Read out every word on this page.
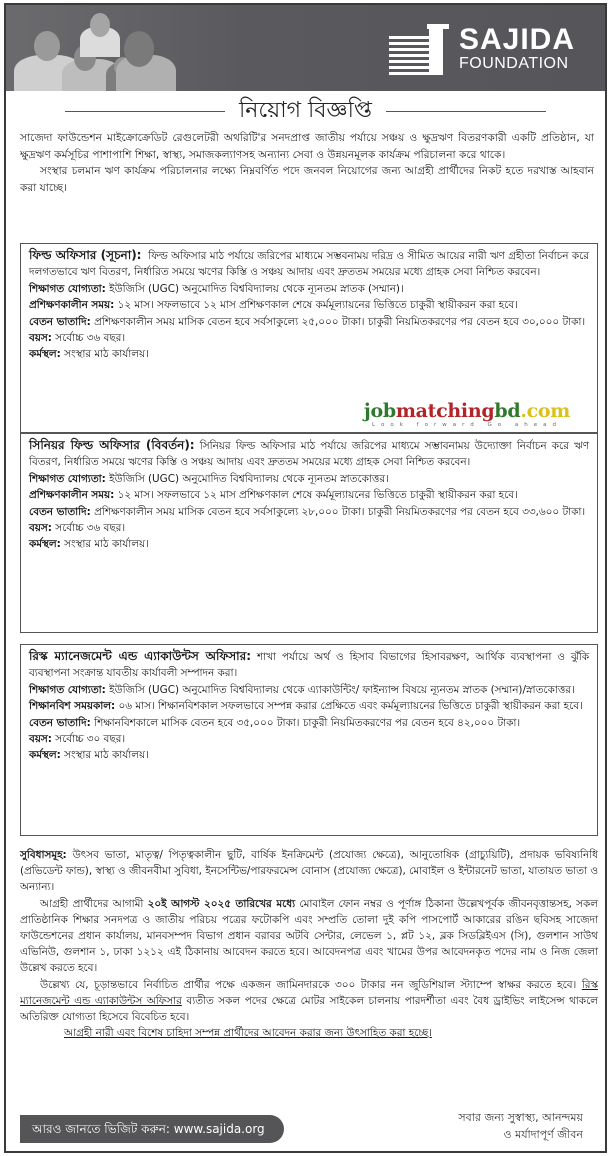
SAJIDA
FOUNDATION
নিয়োগ বিজ্ঞপ্তি

সাজেদা ফাউন্ডেশন মাইক্রোক্রেডিট রেগুলেটরী অথরিটি'র সনদপ্রাপ্ত জাতীয় পর্যায়ে সঞ্চয় ও ক্ষুদ্রঋণ বিতরণকারী একটি প্রতিষ্ঠান, যা ক্ষুদ্রঋণ কর্মসূচির পাশাপাশি শিক্ষা, স্বাস্থ্য, সমাজকল্যাণসহ অন্যান্য সেবা ও উন্নয়নমূলক কার্যক্রম পরিচালনা করে থাকে।

সংস্থার চলমান ঋণ কার্যক্রম পরিচালনার লক্ষ্যে নিম্নবর্ণিত পদে জনবল নিয়োগের জন্য আগ্রহী প্রার্থীদের নিকট হতে দরখাস্ত আহবান করা যাচ্ছে।

ফিল্ড অফিসার (সূচনা): ফিল্ড অফিসার মাঠ পর্যায়ে জরিপের মাধ্যমে সম্ভবনাময় দরিদ্র ও সীমিত আয়ের নারী ঋণ গ্রহীতা নির্বাচন করে দলগতভাবে ঋণ বিতরণ, নির্ধারিত সময়ে ঋণের কিস্তি ও সঞ্চয় আদায় এবং দ্রুততম সময়ের মধ্যে গ্রাহক সেবা নিশ্চিত করবেন।
শিক্ষাগত যোগ্যতা: ইউজিসি (UGC) অনুমোদিত বিশ্ববিদ্যালয় থেকে ন্যূনতম স্নাতক (সম্মান)।
প্রশিক্ষণকালীন সময়: ১২ মাস। সফলভাবে ১২ মাস প্রশিক্ষণকাল শেষে কর্মমূল্যায়নের ভিত্তিতে চাকুরী স্থায়ীকরন করা হবে।
বেতন ভাতাদি: প্রশিক্ষণকালীন সময় মাসিক বেতন হবে সর্বসাকুল্যে ২৫,০০০ টাকা। চাকুরী নিয়মিতকরণের পর বেতন হবে ৩০,০০০ টাকা।
বয়স: সর্বোচ্চ ৩৬ বছর।
কর্মস্থল: সংস্থার মাঠ কার্যালয়।
jobmatchingbd.com
Look forward Go ahead
সিনিয়র ফিল্ড অফিসার (বিবর্তন): সিনিয়র ফিল্ড অফিসার মাঠ পর্যায়ে জরিপের মাধ্যমে সম্ভাবনাময় উদ্যোক্তা নির্বাচন করে ঋণ বিতরণ, নির্ধারিত সময়ে ঋণের কিস্তি ও সঞ্চয় আদায় এবং দ্রুততম সময়ের মধ্যে গ্রাহক সেবা নিশ্চিত করবেন।
শিক্ষাগত যোগ্যতা: ইউজিসি (UGC) অনুমোদিত বিশ্ববিদ্যালয় থেকে ন্যূনতম স্নাতকোত্তর।
প্রশিক্ষণকালীন সময়: ১২ মাস। সফলভাবে ১২ মাস প্রশিক্ষণকাল শেষে কর্মমূল্যায়নের ভিত্তিতে চাকুরী স্থায়ীকরন করা হবে।
বেতন ভাতাদি: প্রশিক্ষণকালীন সময় মাসিক বেতন হবে সর্বসাকুল্যে ২৮,০০০ টাকা। চাকুরী নিয়মিতকরণের পর বেতন হবে ৩৩,৬০০ টাকা।
বয়স: সর্বোচ্চ ৩৬ বছর।
কর্মস্থল: সংস্থার মাঠ কার্যালয়।
রিস্ক ম্যানেজমেন্ট এন্ড এ্যাকাউন্টস অফিসার: শাখা পর্যায়ে অর্থ ও হিসাব বিভাগের হিসাবরক্ষণ, আর্থিক ব্যবস্থাপনা ও ঝুঁকি ব্যবস্থাপনা সংক্রান্ত যাবতীয় কার্যাবলী সম্পাদন করা।
শিক্ষাগত যোগ্যতা: ইউজিসি (UGC) অনুমোদিত বিশ্ববিদ্যালয় থেকে এ্যাকাউন্টিং/ ফাইন্যান্স বিষয়ে ন্যূনতম স্নাতক (সম্মান)/স্নাতকোত্তর।
শিক্ষানবিশ সময়কাল: ০৬ মাস। শিক্ষানবিশকাল সফলভাবে সম্পন্ন করার প্রেক্ষিতে এবং কর্মমূল্যায়নের ভিত্তিতে চাকুরী স্থায়ীকরন করা হবে।
বেতন ভাতাদি: শিক্ষানবিশকালে মাসিক বেতন হবে ৩৫,০০০ টাকা। চাকুরী নিয়মিতকরণের পর বেতন হবে ৪২,০০০ টাকা।
বয়স: সর্বোচ্চ ৩০ বছর।
কর্মস্থল: সংস্থার মাঠ কার্যালয়।

সুবিধাসমূহ: উৎসব ভাতা, মাতৃত্ব/ পিতৃত্বকালীন ছুটি, বার্ষিক ইনক্রিমেন্ট (প্রযোজ্য ক্ষেত্রে), আনুতোষিক (গ্রাচ্যুয়িটি), প্রদায়ক ভবিষ্যনিধি (প্রভিডেন্ট ফান্ড), স্বাস্থ্য ও জীবনবীমা সুবিধা, ইনসেন্টিভ/পারফরমেন্স বোনাস (প্রযোজ্য ক্ষেত্রে), মোবাইল ও ইন্টারনেট ভাতা, যাতায়ত ভাতা ও অন্যান্য।

আগ্রহী প্রার্থীদের আগামী ২০ই আগস্ট ২০২৫ তারিখের মধ্যে মোবাইল ফোন নম্বর ও পূর্ণাঙ্গ ঠিকানা উল্লেখপূর্বক জীবনবৃত্তান্তসহ, সকল প্রাতিষ্ঠানিক শিক্ষার সনদপত্র ও জাতীয় পরিচয় পত্রের ফটোকপি এবং সম্প্রতি তোলা দুই কপি পাসপোর্ট আকারের রঙিন ছবিসহ সাজেদা ফাউন্ডেশনের প্রধান কার্যালয়, মানবসম্পদ বিভাগ প্রধান বরাবর অটবি সেন্টার, লেভেল ১, প্লট ১২, ব্লক সিডব্লিইএস (সি), গুলশান সাউথ এভিনিউ, গুলশান ১, ঢাকা ১২১২ এই ঠিকানায় আবেদন করতে হবে। আবেদনপত্র এবং খামের উপর আবেদনকৃত পদের নাম ও নিজ জেলা উল্লেখ করতে হবে।

উল্লেখ্য যে, চূড়ান্তভাবে নির্বাচিত প্রার্থীর পক্ষে একজন জামিনদারকে ৩০০ টাকার নন জুডিশিয়াল স্ট্যাম্পে স্বাক্ষর করতে হবে। রিস্ক ম্যানেজমেন্ট এন্ড এ্যাকাউন্টস অফিসার ব্যতীত সকল পদের ক্ষেত্রে মোটর সাইকেল চালনায় পারদর্শীতা এবং বৈধ ড্রাইভিং লাইসেন্স থাকলে অতিরিক্ত যোগ্যতা হিসেবে বিবেচিত হবে।

আগ্রহী নারী এবং বিশেষ চাহিদা সম্পন্ন প্রার্থীদের আবেদন করার জন্য উৎসাহিত করা হচ্ছে।

আরও জানতে ভিজিট করুন: www.sajida.org
সবার জন্য সুস্বাস্থ্য, আনন্দময়
ও মর্যাদাপূর্ণ জীবন
